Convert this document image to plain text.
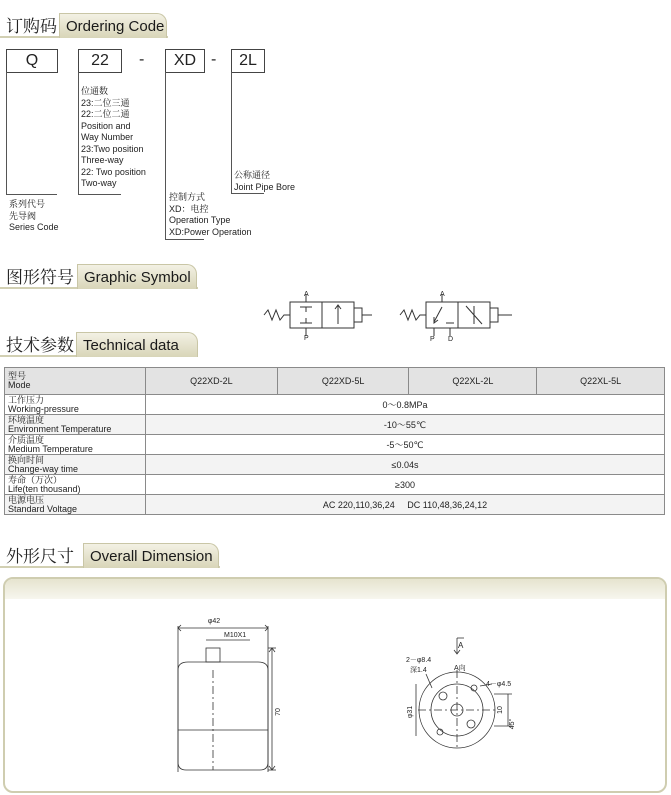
订购码 Ordering Code
Q	22	-	XD -	2L
系列代号
先导阀
Series Code
位通数
23:二位三通
22:二位二通
Position and
Way Number
23:Two position
Three-way
22: Two position
Two-way
控制方式
XD：电控
Operation Type
XD:Power Operation
公称通径
Joint Pipe Bore
图形符号 Graphic Symbol
A
P
A
P D
技术参数 Technical data
型号
Mode	Q22XD-2L	Q22XD-5L	Q22XL-2L	Q22XL-5L

工作压力
Working-pressure	0～0.8MPa			

环境温度
Environment Temperature	-10～55℃			

介质温度
Medium Temperature	-5～50℃			

换向时间
Change-way time	≤0.04s			

寿命（万次）
Life(ten thousand)	≥300			

电源电压
Standard Voltage	AC 220,110,36,24     DC 110,48,36,24,12			
外形尺寸 Overall Dimension
φ42
M10X1
70
A
2－φ8.4
深1.4	A向
4－φ4.5
φ31	10
45°
